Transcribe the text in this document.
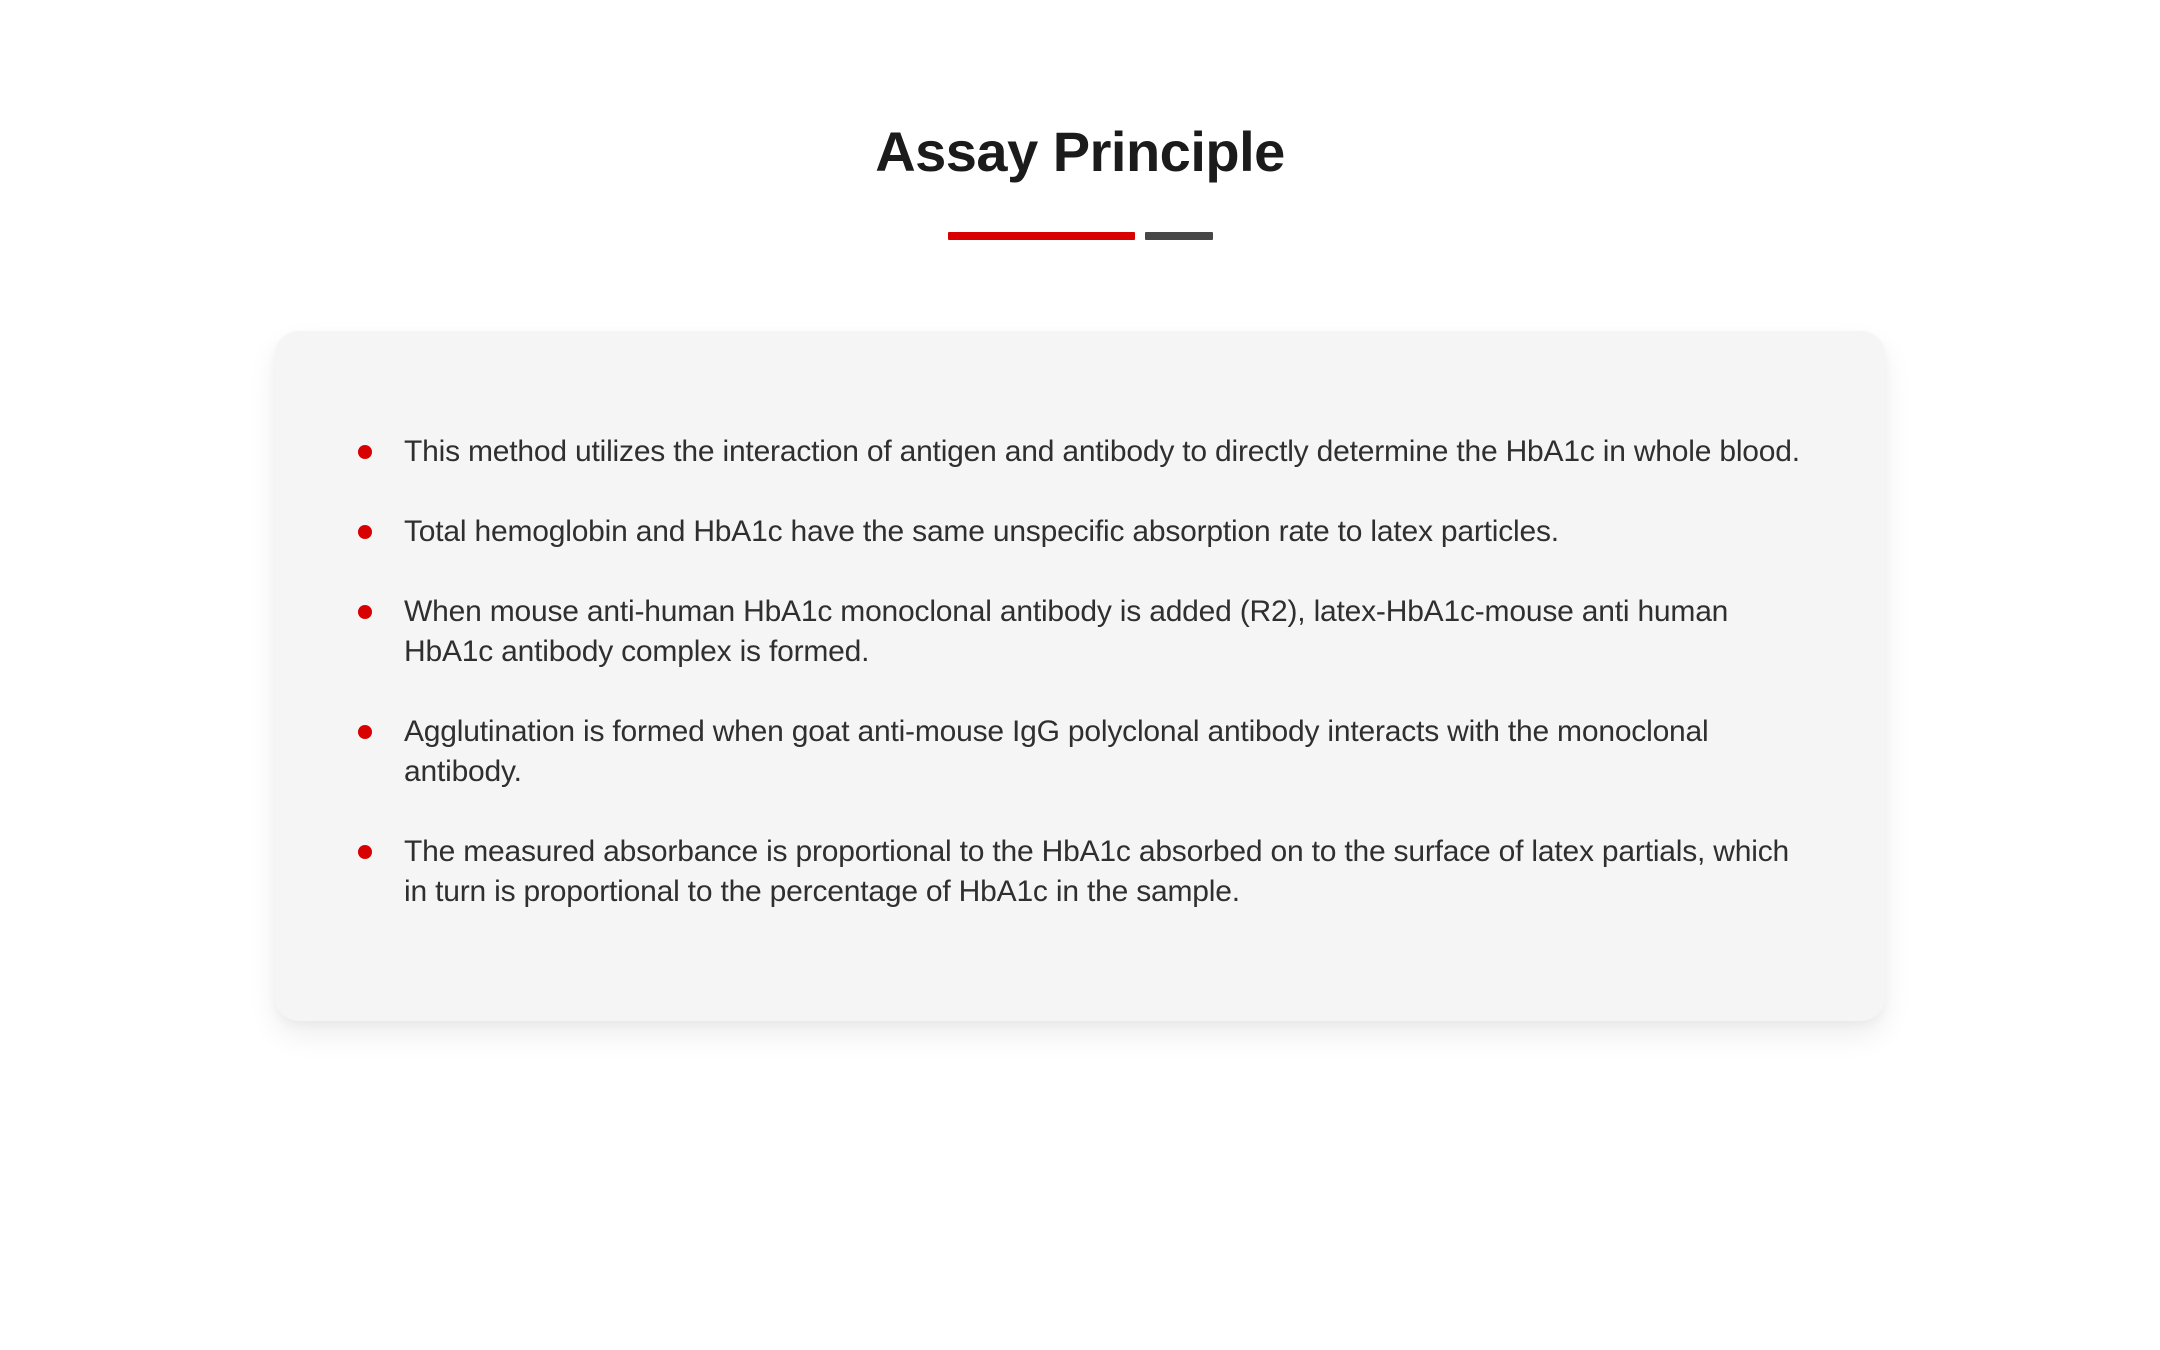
Assay Principle
This method utilizes the interaction of antigen and antibody to directly determine the HbA1c in whole blood.
Total hemoglobin and HbA1c have the same unspecific absorption rate to latex particles.
When mouse anti-human HbA1c monoclonal antibody is added (R2), latex-HbA1c-mouse anti human HbA1c antibody complex is formed.
Agglutination is formed when goat anti-mouse IgG polyclonal antibody interacts with the monoclonal antibody.
The measured absorbance is proportional to the HbA1c absorbed on to the surface of latex partials, which in turn is proportional to the percentage of HbA1c in the sample.
